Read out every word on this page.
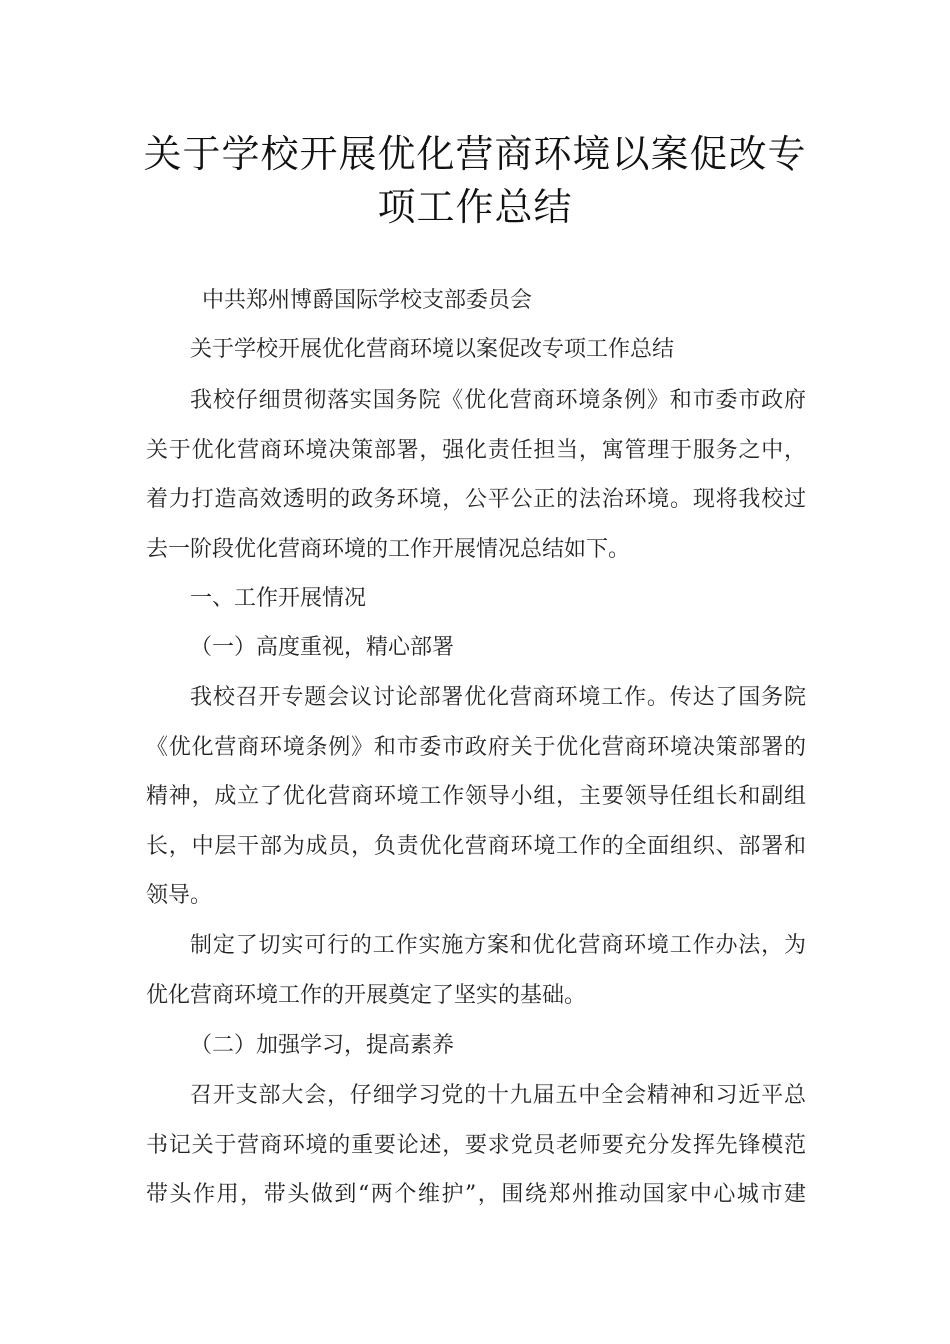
关于学校开展优化营商环境以案促改专
项工作总结
中共郑州博爵国际学校支部委员会
关于学校开展优化营商环境以案促改专项工作总结
我校仔细贯彻落实国务院《优化营商环境条例》和市委市政府
关于优化营商环境决策部署，强化责任担当，寓管理于服务之中，
着力打造高效透明的政务环境，公平公正的法治环境。现将我校过
去一阶段优化营商环境的工作开展情况总结如下。
一、工作开展情况
（一）高度重视，精心部署
我校召开专题会议讨论部署优化营商环境工作。传达了国务院
《优化营商环境条例》和市委市政府关于优化营商环境决策部署的
精神，成立了优化营商环境工作领导小组，主要领导任组长和副组
长，中层干部为成员，负责优化营商环境工作的全面组织、部署和
领导。
制定了切实可行的工作实施方案和优化营商环境工作办法，为
优化营商环境工作的开展奠定了坚实的基础。
（二）加强学习，提高素养
召开支部大会，仔细学习党的十九届五中全会精神和习近平总
书记关于营商环境的重要论述，要求党员老师要充分发挥先锋模范
带头作用，带头做到“两个维护”，围绕郑州推动国家中心城市建
